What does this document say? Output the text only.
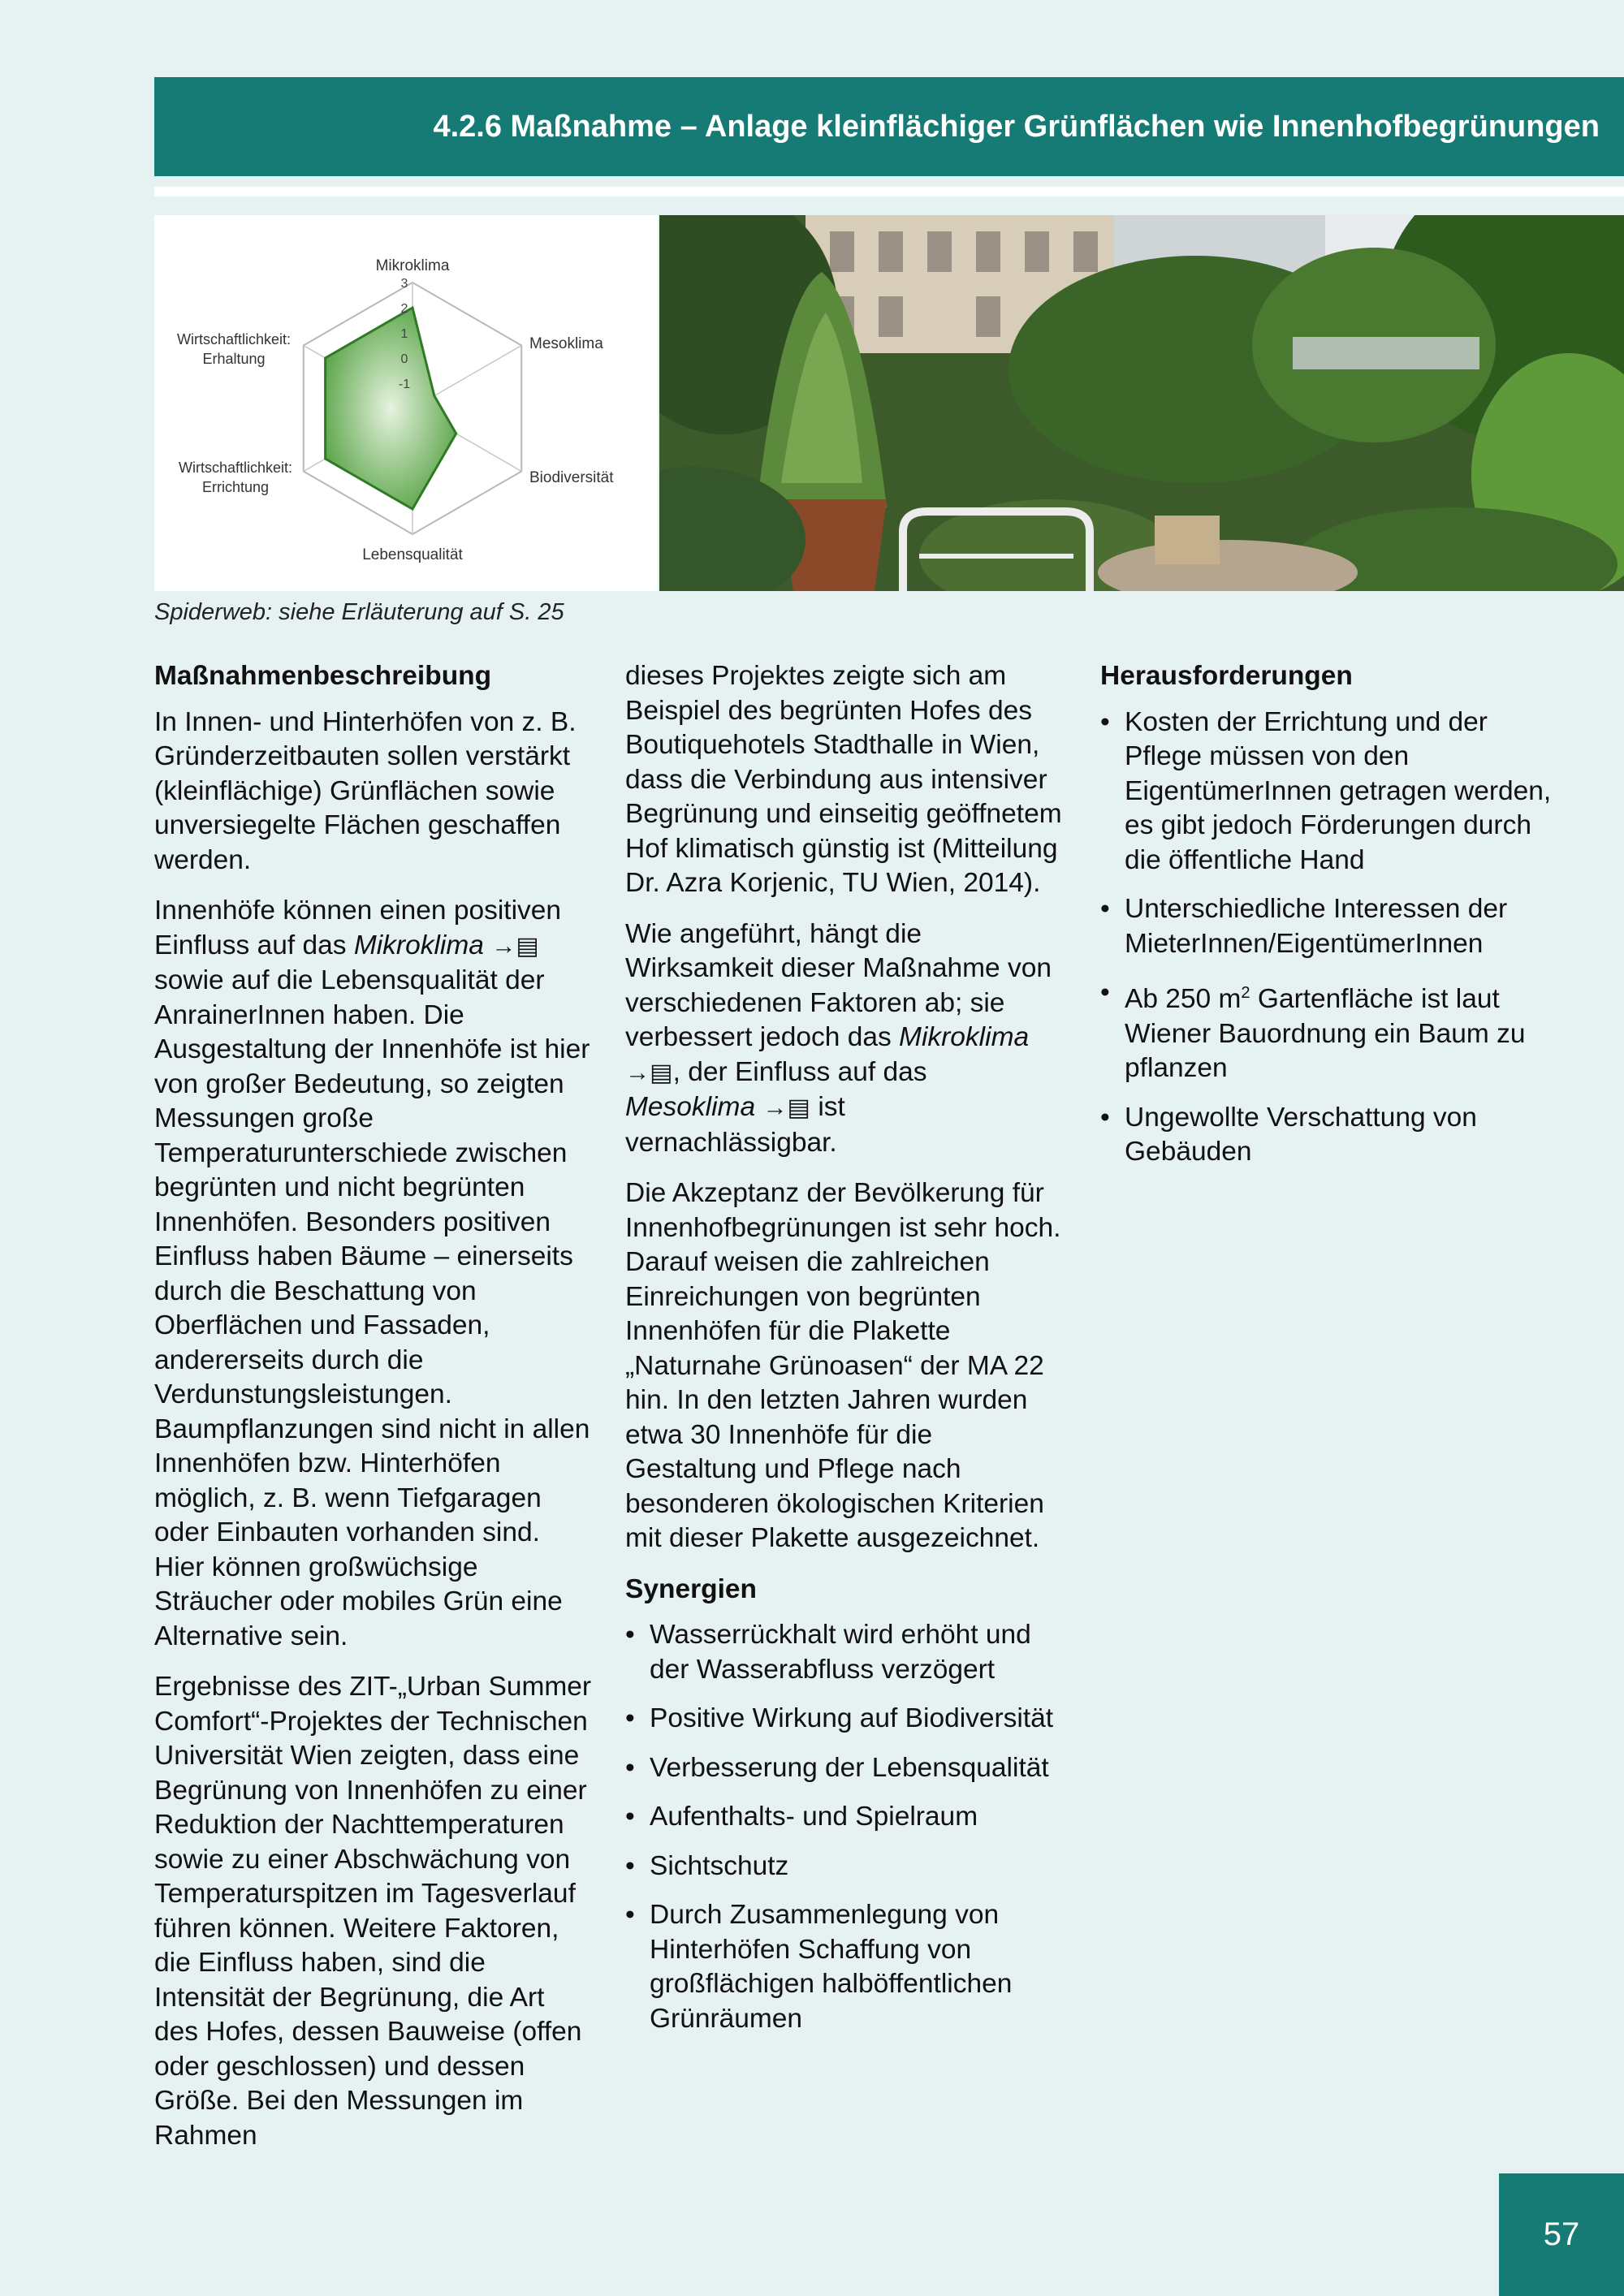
4.2.6 Maßnahme – Anlage kleinflächiger Grünflächen wie Innenhofbegrünungen
3
2
1
0
-1
Mikroklima
Mesoklima
Biodiversität
Lebensqualität
Wirtschaftlichkeit:
Errichtung
Wirtschaftlichkeit:
Erhaltung
Spiderweb: siehe Erläuterung auf S. 25
Maßnahmenbeschreibung

In Innen- und Hinterhöfen von z. B. Gründerzeitbauten sollen verstärkt (kleinflächige) Grünflächen sowie unversiegelte Flächen geschaffen werden.

Innenhöfe können einen positiven Einfluss auf das Mikroklima →▤ sowie auf die Lebensqualität der AnrainerInnen haben. Die Ausgestaltung der Innenhöfe ist hier von großer Bedeutung, so zeigten Messungen große Temperaturunterschiede zwischen begrünten und nicht begrünten Innenhöfen. Besonders positiven Einfluss haben Bäume – einerseits durch die Beschattung von Oberflächen und Fassaden, andererseits durch die Verdunstungsleistungen. Baumpflanzungen sind nicht in allen Innenhöfen bzw. Hinterhöfen möglich, z. B. wenn Tiefgaragen oder Einbauten vorhanden sind. Hier können großwüchsige Sträucher oder mobiles Grün eine Alternative sein.

Ergebnisse des ZIT-„Urban Summer Comfort“-Projektes der Technischen Universität Wien zeigten, dass eine Begrünung von Innenhöfen zu einer Reduktion der Nachttemperaturen sowie zu einer Abschwächung von Temperaturspitzen im Tagesverlauf führen können. Weitere Faktoren, die Einfluss haben, sind die Intensität der Begrünung, die Art des Hofes, dessen Bauweise (offen oder geschlossen) und dessen Größe. Bei den Messungen im Rahmen

dieses Projektes zeigte sich am Beispiel des begrünten Hofes des Boutiquehotels Stadthalle in Wien, dass die Verbindung aus intensiver Begrünung und einseitig geöffnetem Hof klimatisch günstig ist (Mitteilung Dr. Azra Korjenic, TU Wien, 2014).

Wie angeführt, hängt die Wirksamkeit dieser Maßnahme von verschiedenen Faktoren ab; sie verbessert jedoch das Mikroklima →▤, der Einfluss auf das Mesoklima →▤ ist vernachlässigbar.

Die Akzeptanz der Bevölkerung für Innenhofbegrünungen ist sehr hoch. Darauf weisen die zahlreichen Einreichungen von begrünten Innenhöfen für die Plakette „Naturnahe Grünoasen“ der MA 22 hin. In den letzten Jahren wurden etwa 30 Innenhöfe für die Gestaltung und Pflege nach besonderen ökologischen Kriterien mit dieser Plakette ausgezeichnet.

Synergien
• Wasserrückhalt wird erhöht und der Wasserabfluss verzögert
• Positive Wirkung auf Biodiversität
• Verbesserung der Lebensqualität
• Aufenthalts- und Spielraum
• Sichtschutz
• Durch Zusammenlegung von Hinterhöfen Schaffung von großflächigen halböffentlichen Grünräumen
Herausforderungen
• Kosten der Errichtung und der Pflege müssen von den EigentümerInnen getragen werden, es gibt jedoch Förderungen durch die öffentliche Hand
• Unterschiedliche Interessen der MieterInnen/EigentümerInnen
• Ab 250 $m^2$ Gartenfläche ist laut Wiener Bauordnung ein Baum zu pflanzen
• Ungewollte Verschattung von Gebäuden
57
